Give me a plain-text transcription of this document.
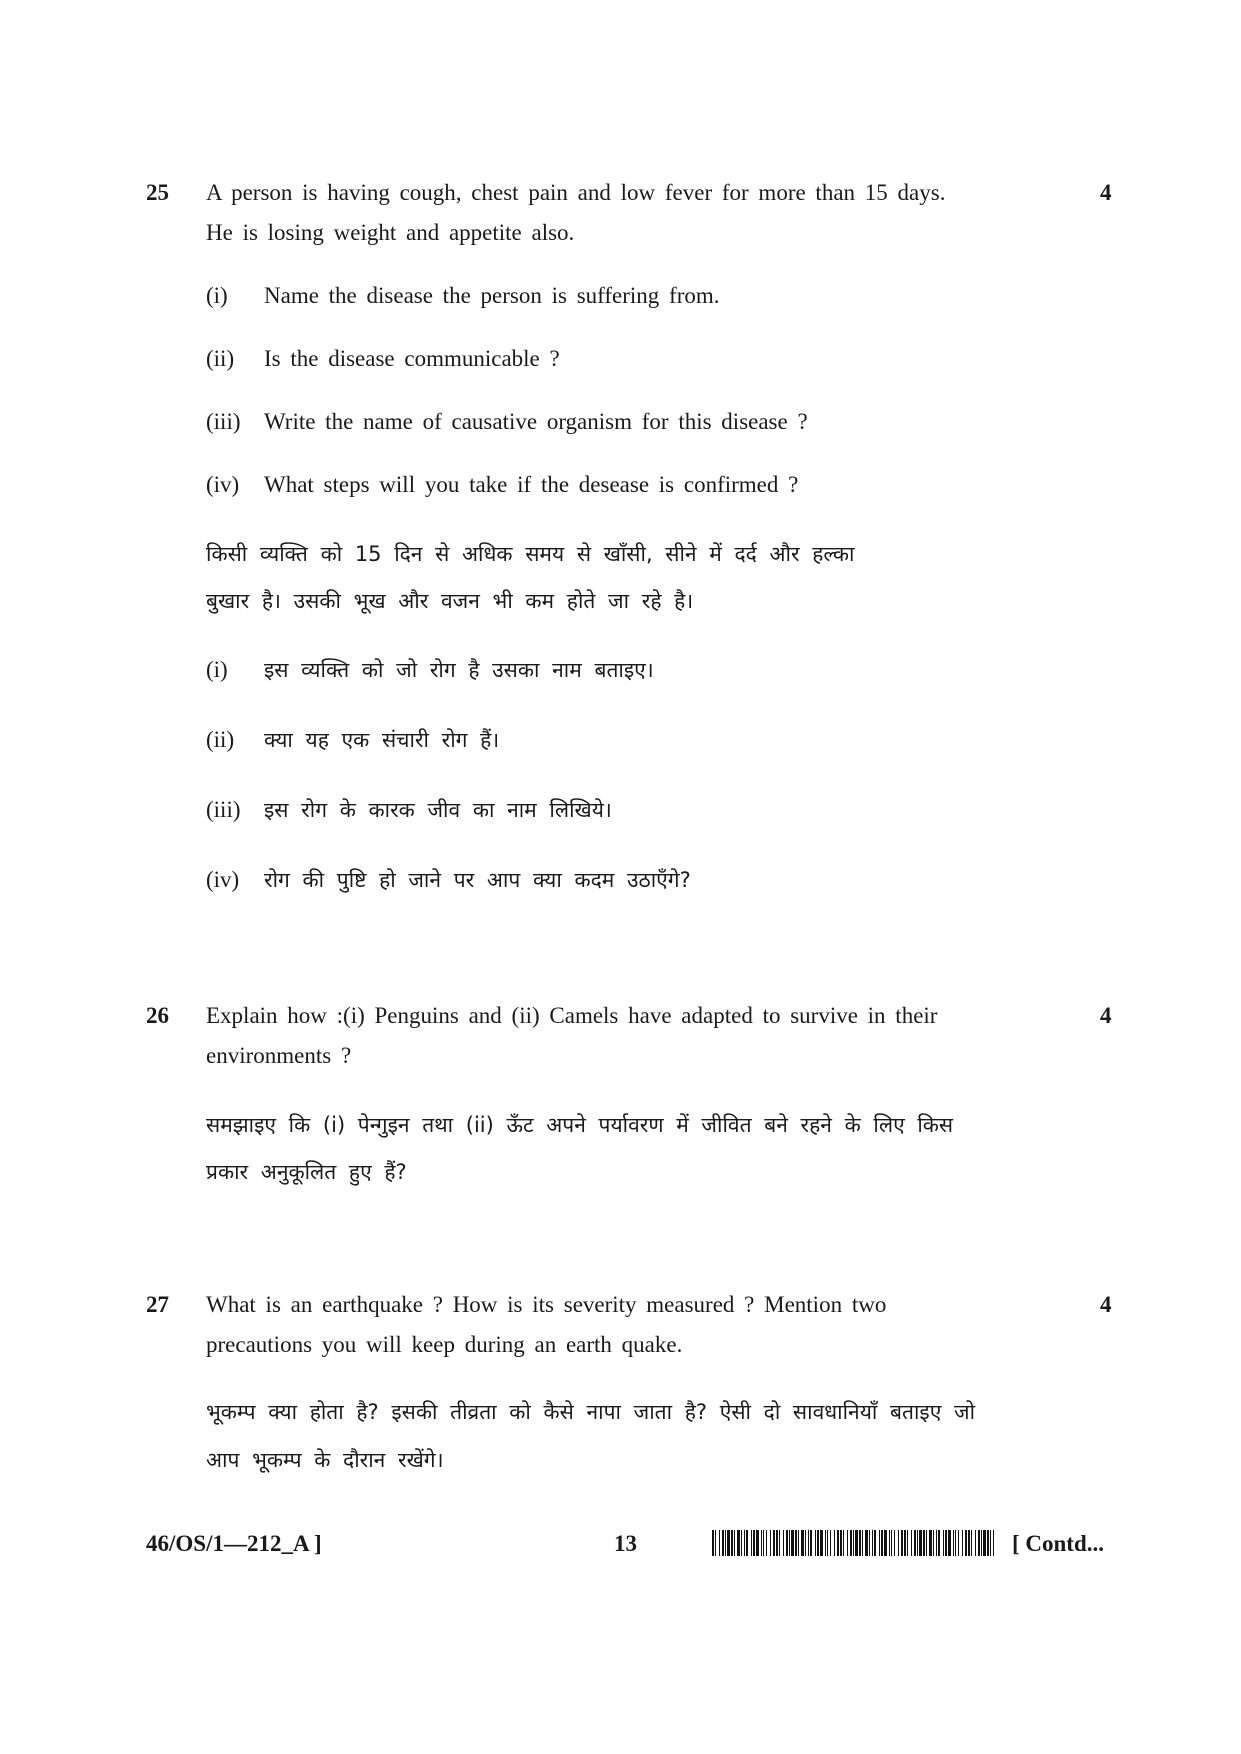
25	4
A person is having cough, chest pain and low fever for more than 15 days.
He is losing weight and appetite also.
(i) Name the disease the person is suffering from.
(ii) Is the disease communicable ?
(iii) Write the name of causative organism for this disease ?
(iv) What steps will you take if the desease is confirmed ?
किसी व्यक्ति को 15 दिन से अधिक समय से खाँसी, सीने में दर्द और हल्का
बुखार है। उसकी भूख और वजन भी कम होते जा रहे है।
(i) इस व्यक्ति को जो रोग है उसका नाम बताइए।
(ii) क्या यह एक संचारी रोग हैं।
(iii) इस रोग के कारक जीव का नाम लिखिये।
(iv) रोग की पुष्टि हो जाने पर आप क्या कदम उठाएँगे?
26	4
Explain how :(i) Penguins and (ii) Camels have adapted to survive in their
environments ?
समझाइए कि (i) पेन्गुइन तथा (ii) ऊँट अपने पर्यावरण में जीवित बने रहने के लिए किस
प्रकार अनुकूलित हुए हैं?
27	4
What is an earthquake ? How is its severity measured ? Mention two
precautions you will keep during an earth quake.
भूकम्प क्या होता है? इसकी तीव्रता को कैसे नापा जाता है? ऐसी दो सावधानियाँ बताइए जो
आप भूकम्प के दौरान रखेंगे।
46/OS/1—212_A ]	13	[ Contd...
